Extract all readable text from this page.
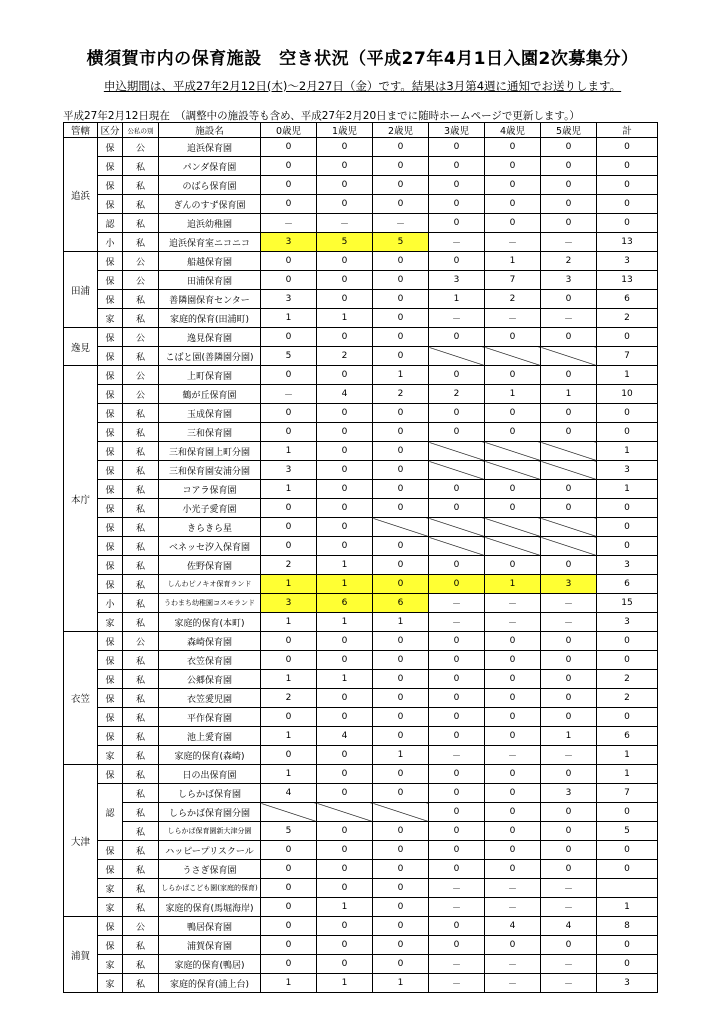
横須賀市内の保育施設　空き状況（平成27年4月1日入園2次募集分）
申込期間は、平成27年2月12日(木)～2月27日（金）です。結果は3月第4週に通知でお送りします。
平成27年2月12日現在　（調整中の施設等も含め、平成27年2月20日までに随時ホームページで更新します。）
管轄	区分	公私の別	施設名	0歳児	1歳児	2歳児	3歳児	4歳児	5歳児	計
追浜	保	公	追浜保育園	0	0	0	0	0	0	0
	保	私	パンダ保育園	0	0	0	0	0	0	0
	保	私	のばら保育園	0	0	0	0	0	0	0
	保	私	ぎんのすず保育園	0	0	0	0	0	0	0
	認	私	追浜幼稚園	－	－	－	0	0	0	0
	小	私	追浜保育室ニコニコ	3	5	5	－	－	－	13
田浦	保	公	船越保育園	0	0	0	0	1	2	3
	保	公	田浦保育園	0	0	0	3	7	3	13
	保	私	善隣園保育センター	3	0	0	1	2	0	6
	家	私	家庭的保育(田浦町)	1	1	0	－	－	－	2
逸見	保	公	逸見保育園	0	0	0	0	0	0	0
	保	私	こばと園(善隣園分園)	5	2	0				7
本庁	保	公	上町保育園	0	0	1	0	0	0	1
	保	公	鶴が丘保育園	－	4	2	2	1	1	10
	保	私	玉成保育園	0	0	0	0	0	0	0
	保	私	三和保育園	0	0	0	0	0	0	0
	保	私	三和保育園上町分園	1	0	0				1
	保	私	三和保育園安浦分園	3	0	0				3
	保	私	コアラ保育園	1	0	0	0	0	0	1
	保	私	小光子愛育園	0	0	0	0	0	0	0
	保	私	きらきら星	0	0					0
	保	私	ベネッセ汐入保育園	0	0	0				0
	保	私	佐野保育園	2	1	0	0	0	0	3
	保	私	しんわピノキオ保育ランド	1	1	0	0	1	3	6
	小	私	うわまち幼稚園コスモランド	3	6	6	－	－	－	15
	家	私	家庭的保育(本町)	1	1	1	－	－	－	3
衣笠	保	公	森崎保育園	0	0	0	0	0	0	0
	保	私	衣笠保育園	0	0	0	0	0	0	0
	保	私	公郷保育園	1	1	0	0	0	0	2
	保	私	衣笠愛児園	2	0	0	0	0	0	2
	保	私	平作保育園	0	0	0	0	0	0	0
	保	私	池上愛育園	1	4	0	0	0	1	6
	家	私	家庭的保育(森崎)	0	0	1	－	－	－	1
大津	保	私	日の出保育園	1	0	0	0	0	0	1
	認	私	しらかば保育園	4	0	0	0	0	3	7
		私	しらかば保育園分園				0	0	0	0
		私	しらかば保育園新大津分園	5	0	0	0	0	0	5
	保	私	ハッピープリスクール	0	0	0	0	0	0	0
	保	私	うさぎ保育園	0	0	0	0	0	0	0
	家	私	しらかばこども園(家庭的保育)	0	0	0	－	－	－	
	家	私	家庭的保育(馬堀海岸)	0	1	0	－	－	－	1
浦賀	保	公	鴨居保育園	0	0	0	0	4	4	8
	保	私	浦賀保育園	0	0	0	0	0	0	0
	家	私	家庭的保育(鴨居)	0	0	0	－	－	－	0
	家	私	家庭的保育(浦上台)	1	1	1	－	－	－	3
